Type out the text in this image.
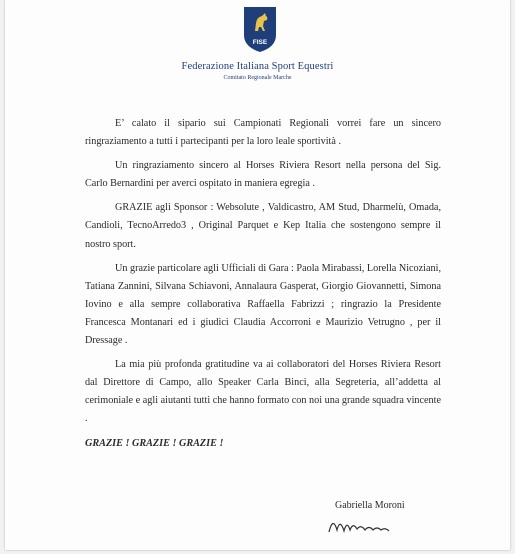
FISE
Federazione Italiana Sport Equestri
Comitato Regionale Marche

E’ calato il sipario sui Campionati Regionali vorrei fare un sincero ringraziamento a tutti i partecipanti per la loro leale sportività .

Un ringraziamento sincero al Horses Riviera Resort nella persona del Sig. Carlo Bernardini per averci ospitato in maniera egregia .

GRAZIE agli Sponsor : Websolute , Valdicastro, AM Stud, Dharmelù, Omada, Candioli, TecnoArredo3 , Original Parquet e Kep Italia che sostengono sempre il nostro sport.

Un grazie particolare agli Ufficiali di Gara : Paola Mirabassi, Lorella Nicoziani, Tatiana Zannini, Silvana Schiavoni, Annalaura Gasperat, Giorgio Giovannetti, Simona Iovino e alla sempre collaborativa Raffaella Fabrizzi ; ringrazio la Presidente Francesca Montanari ed i giudici Claudia Accorroni e Maurizio Vetrugno , per il Dressage .

La mia più profonda gratitudine va ai collaboratori del Horses Riviera Resort dal Direttore di Campo, allo Speaker Carla Binci, alla Segreteria, all’addetta al cerimoniale e agli aiutanti tutti che hanno formato con noi una grande squadra vincente .

GRAZIE ! GRAZIE ! GRAZIE !

Gabriella Moroni
